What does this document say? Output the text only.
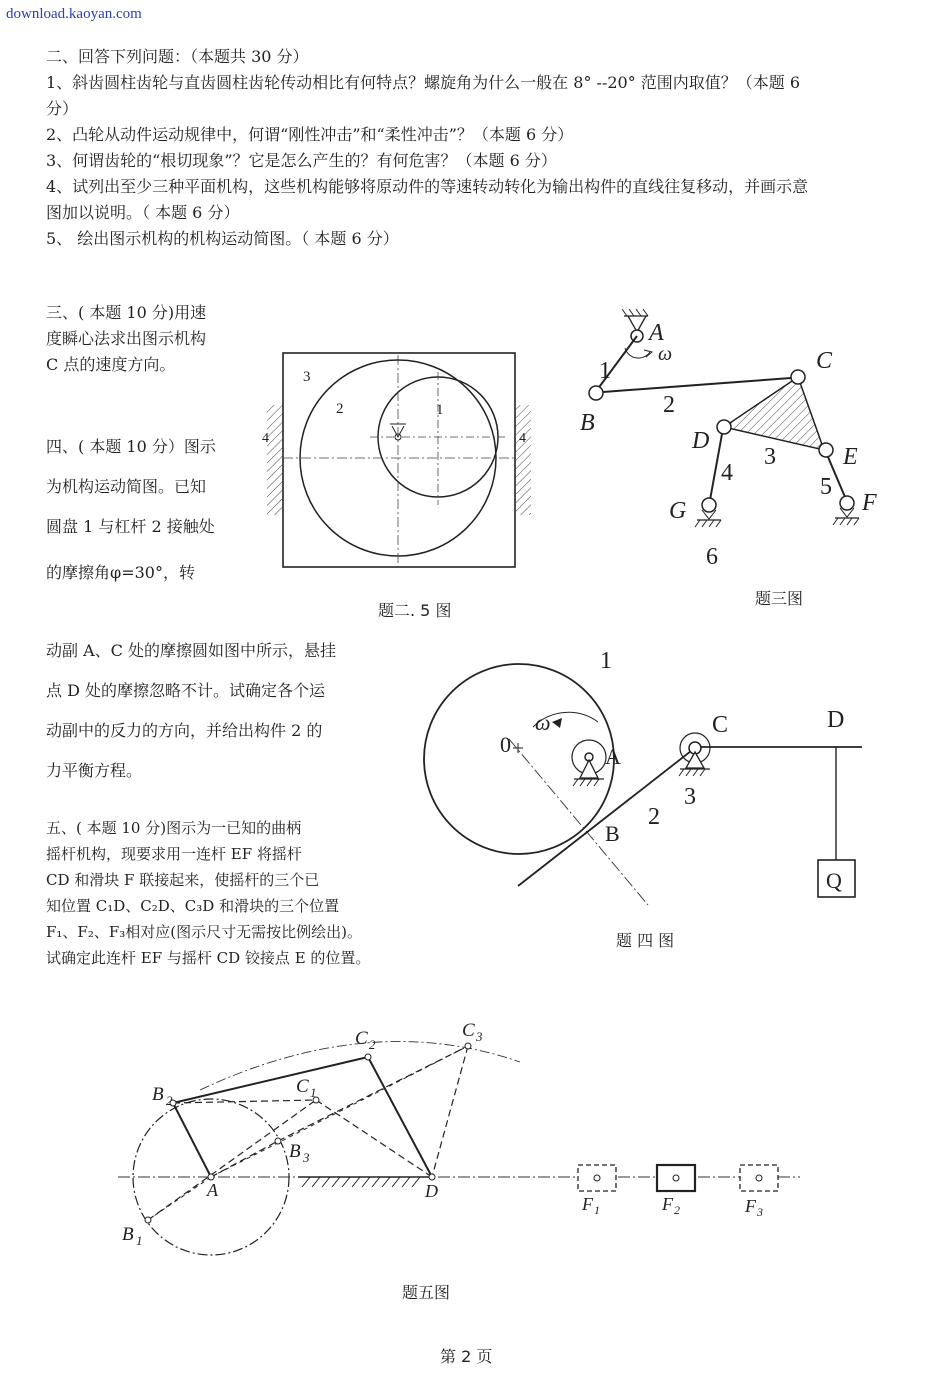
download.kaoyan.com
二、回答下列问题：（本题共 30 分）
1、斜齿圆柱齿轮与直齿圆柱齿轮传动相比有何特点？螺旋角为什么一般在 8° --20° 范围内取值？（本题 6
分）
2、凸轮从动件运动规律中，何谓“刚性冲击”和“柔性冲击”？（本题 6 分）
3、何谓齿轮的“根切现象”？它是怎么产生的？有何危害？（本题 6 分）
4、试列出至少三种平面机构，这些机构能够将原动件的等速转动转化为输出构件的直线往复移动，并画示意
图加以说明。（ 本题 6 分）
5、 绘出图示机构的机构运动简图。（ 本题 6 分）
三、( 本题 10 分)用速
度瞬心法求出图示机构
C 点的速度方向。
四、( 本题 10 分）图示
为机构运动简图。已知
圆盘 1 与杠杆 2 接触处
的摩擦角φ=30°，转
动副 A、C 处的摩擦圆如图中所示，悬挂
点 D 处的摩擦忽略不计。试确定各个运
动副中的反力的方向，并给出构件 2 的
力平衡方程。
五、( 本题 10 分)图示为一已知的曲柄
摇杆机构，现要求用一连杆 EF 将摇杆
CD 和滑块 F 联接起来，使摇杆的三个已
知位置 C₁D、C₂D、C₃D 和滑块的三个位置
F₁、F₂、F₃相对应(图示尺寸无需按比例绘出)。
试确定此连杆 EF 与摇杆 CD 铰接点 E 的位置。
3
2	1
4	4
题二. 5 图
A
ω
1
B
2
C
D
3	E
4
5
G	F
6
题三图
1
ω
0	A
C	D
2
3
B
Q
题 四 图
B 2
B 3
B 1
A
C 1
C 2
C 3
D
F 1	F 2	F 3
题五图
第 2 页
